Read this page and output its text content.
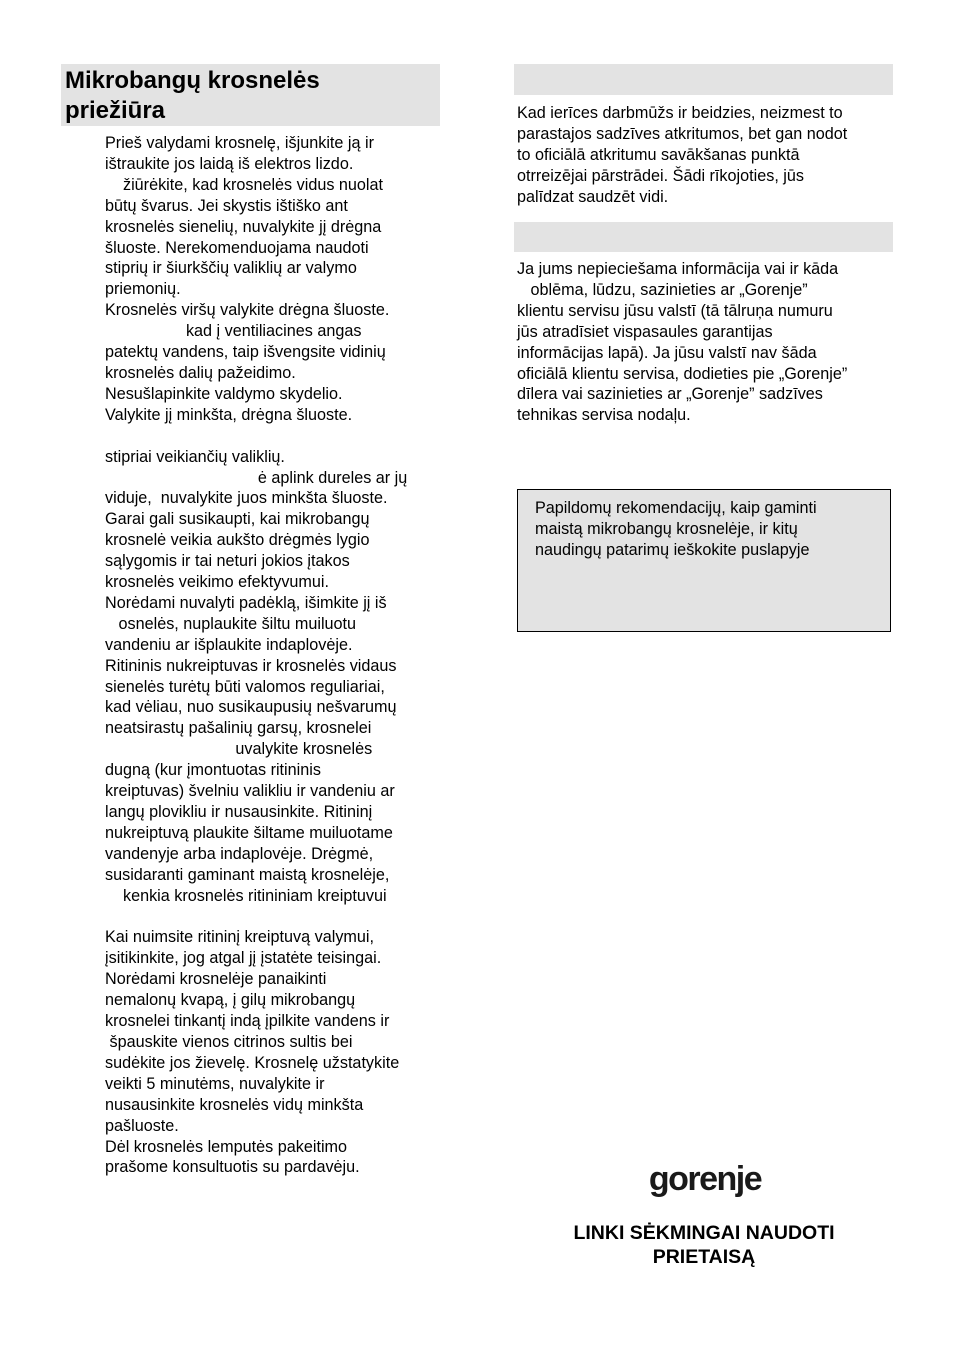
Mikrobangų krosnelės
priežiūra
Prieš valydami krosnelę, išjunkite ją ir
ištraukite jos laidą iš elektros lizdo.
žiūrėkite, kad krosnelės vidus nuolat
būtų švarus. Jei skystis ištiško ant
krosnelės sienelių, nuvalykite jį drėgna
šluoste. Nerekomenduojama naudoti
stiprių ir šiurkščių valiklių ar valymo
priemonių.
Krosnelės viršų valykite drėgna šluoste.
kad į ventiliacines angas
patektų vandens, taip išvengsite vidinių
krosnelės dalių pažeidimo.
Nesušlapinkite valdymo skydelio.
Valykite jį minkšta, drėgna šluoste.

stipriai veikiančių valiklių.
ė aplink dureles ar jų
viduje,  nuvalykite juos minkšta šluoste.
Garai gali susikaupti, kai mikrobangų
krosnelė veikia aukšto drėgmės lygio
sąlygomis ir tai neturi jokios įtakos
krosnelės veikimo efektyvumui.
Norėdami nuvalyti padėklą, išimkite jį iš
osnelės, nuplaukite šiltu muiluotu
vandeniu ar išplaukite indaplovėje.
Ritininis nukreiptuvas ir krosnelės vidaus
sienelės turėtų būti valomos reguliariai,
kad vėliau, nuo susikaupusių nešvarumų
neatsirastų pašalinių garsų, krosnelei
uvalykite krosnelės
dugną (kur įmontuotas ritininis
kreiptuvas) švelniu valikliu ir vandeniu ar
langų plovikliu ir nusausinkite. Ritininį
nukreiptuvą plaukite šiltame muiluotame
vandenyje arba indaplovėje. Drėgmė,
susidaranti gaminant maistą krosnelėje,
kenkia krosnelės ritininiam kreiptuvui

Kai nuimsite ritininį kreiptuvą valymui,
įsitikinkite, jog atgal jį įstatėte teisingai.
Norėdami krosnelėje panaikinti
nemalonų kvapą, į gilų mikrobangų
krosnelei tinkantį indą įpilkite vandens ir
špauskite vienos citrinos sultis bei
sudėkite jos žievelę. Krosnelę užstatykite
veikti 5 minutėms, nuvalykite ir
nusausinkite krosnelės vidų minkšta
pašluoste.
Dėl krosnelės lemputės pakeitimo
prašome konsultuotis su pardavėju.
Kad ierīces darbmūžs ir beidzies, neizmest to
parastajos sadzīves atkritumos, bet gan nodot
to oficiālā atkritumu savākšanas punktā
otrreizējai pārstrādei. Šādi rīkojoties, jūs
palīdzat saudzēt vidi.
Ja jums nepieciešama informācija vai ir kāda
oblēma, lūdzu, sazinieties ar „Gorenje”
klientu servisu jūsu valstī (tā tālruņa numuru
jūs atradīsiet vispasaules garantijas
informācijas lapā). Ja jūsu valstī nav šāda
oficiālā klientu servisa, dodieties pie „Gorenje”
dīlera vai sazinieties ar „Gorenje” sadzīves
tehnikas servisa nodaļu.
Papildomų rekomendacijų, kaip gaminti
maistą mikrobangų krosnelėje, ir kitų
naudingų patarimų ieškokite puslapyje
gorenje
LINKI SĖKMINGAI NAUDOTI
PRIETAISĄ
